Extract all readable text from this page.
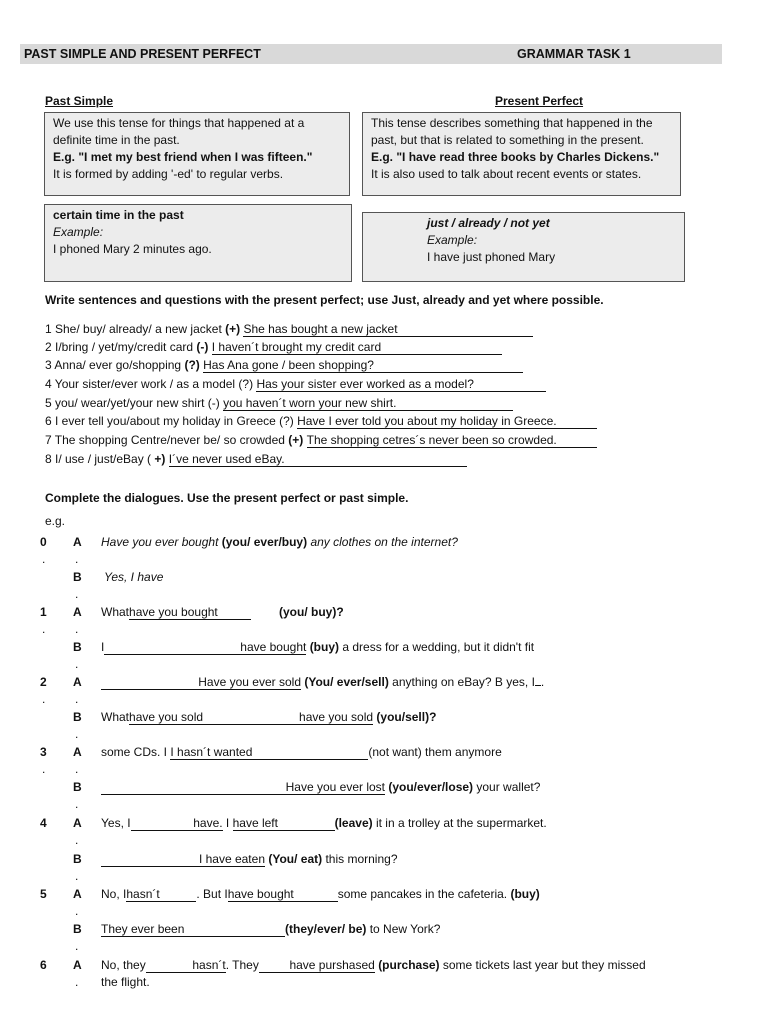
PAST SIMPLE AND PRESENT PERFECT	GRAMMAR TASK 1
Past Simple	Present Perfect
We use this tense for things that happened at a
definite time in the past.
E.g. "I met my best friend when I was fifteen."
It is formed by adding '-ed' to regular verbs.
This tense describes something that happened in the
past, but that is related to something in the present.
E.g. "I have read three books by Charles Dickens."
It is also used to talk about recent events or states.
certain time in the past
Example:
I phoned Mary 2 minutes ago.
just / already / not yet
Example:
I have just phoned Mary
Write sentences and questions with the present perfect; use Just, already and yet where possible.
1 She/ buy/ already/ a new jacket (+) She has bought a new jacket
2 I/bring / yet/my/credit card (-) I haven´t brought my credit card
3 Anna/ ever go/shopping (?) Has Ana gone / been shopping?
4 Your sister/ever work / as a model (?) Has your sister ever worked as a model?
5 you/ wear/yet/your new shirt (-) you haven´t worn your new shirt.
6 I ever tell you/about my holiday in Greece (?) Have I ever told you about my holiday in Greece.
7 The shopping Centre/never be/ so crowded (+) The shopping cetres´s never been so crowded.
8 I/ use / just/eBay ( +) I´ve never used eBay.
Complete the dialogues. Use the present perfect or past simple.
e.g.
0
.
A
.
Have you ever bought (you/ ever/buy) any clothes on the internet?
B
.
Yes, I have
1
.
A
.
Whathave you bought	(you/ buy)?
B
.
I	have bought (buy) a dress for a wedding, but it didn't fit
2
.
A
.
Have you ever sold (You/ ever/sell) anything on eBay? B yes, I .
B
.
Whathave you sold	have you sold (you/sell)?
3
.
A
.
some CDs. I I hasn´t wanted	(not want) them anymore
B
.
Have you ever lost (you/ever/lose) your wallet?
4 A
.
Yes, I	have. I have left	(leave) it in a trolley at the supermarket.
B
.
I have eaten (You/ eat) this morning?
5 A
.
No, Ihasn´t	. But Ihave bought	some pancakes in the cafeteria. (buy)
B
.
They ever been	(they/ever/ be) to New York?
6 A
.
No, they	hasn´t. They	have purshased (purchase) some tickets last year but they missed
the flight.
